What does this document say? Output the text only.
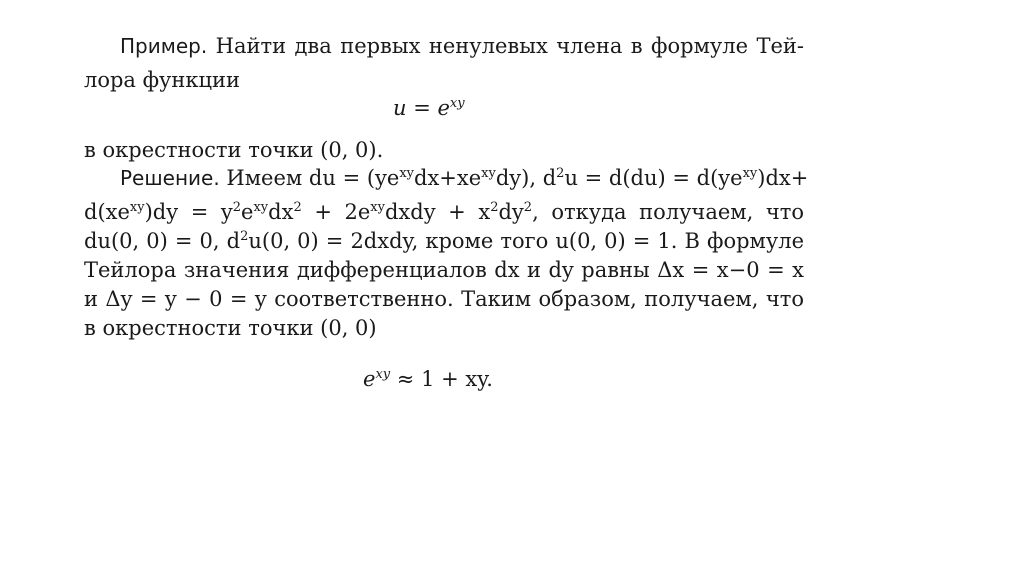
Пример. Найти два первых ненулевых члена в формуле Тей-
лора функции
$u = e^{xy}$
в окрестности точки (0, 0).
Решение. Имеем du = $(ye^{xy}dx+xe^{xy}dy)$, $d^2u = d(du) = d(ye^{xy})dx+$
$d(xe^{xy})dy = y^2e^{xy}dx^2$ + $2e^{xy}dxdy + x^2dy^2$, откуда получаем, что
du(0, 0) = 0, $d^2u(0$, 0) = 2dxdy, кроме того u(0, 0) = 1. В формуле
Тейлора значения дифференциалов dx и dy равны Δx = x−0 = x
и Δy = y − 0 = y соответственно. Таким образом, получаем, что
в окрестности точки (0, 0)
$e^{xy} \approx 1$ + xy.
